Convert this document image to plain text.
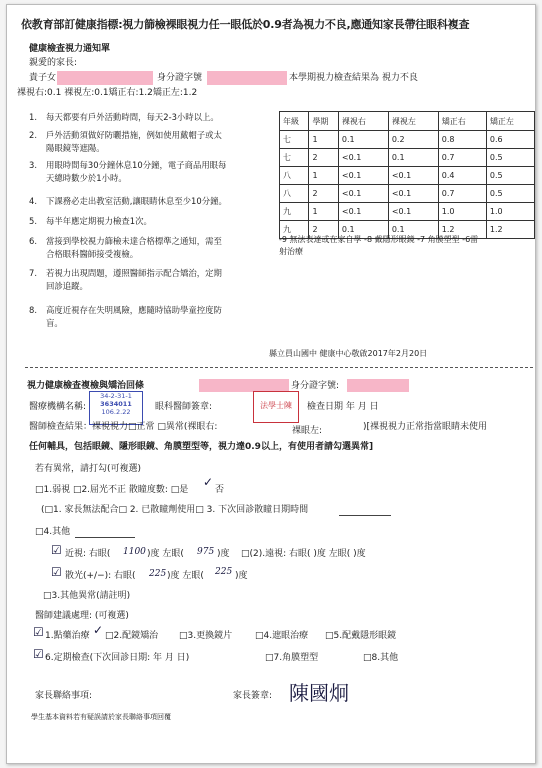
依教育部訂健康指標:視力篩檢裸眼視力任一眼低於0.9者為視力不良,應通知家長帶往眼科複查
健康檢查視力通知單
親愛的家長:
貴子女	身分證字號	本學期視力檢查結果為 視力不良
裸視右:0.1 裸視左:0.1矯正右:1.2矯正左:1.2
1. 每天都要有戶外活動時間，每天2-3小時以上。
2. 戶外活動須做好防曬措施，例如使用戴帽子或太
陽眼鏡等遮陽。
3. 用眼時間每30分鐘休息10分鐘，電子商品用眼每
天總時數少於1小時。
4. 下課務必走出教室活動,讓眼睛休息至少10分鐘。
5. 每半年應定期視力檢查1次。
6. 當接到學校視力篩檢未達合格標準之通知，需至
合格眼科醫師接受複檢。
7. 若視力出現問題，遵照醫師指示配合矯治，定期
回診追蹤。
8. 高度近視存在失明風險，應隨時協助學童控度防
盲。
年級	學期	裸視右	裸視左	矯正右	矯正左
七	1	0.1	0.2	0.8	0.6
七	2	<0.1	0.1	0.7	0.5
八	1	<0.1	<0.1	0.4	0.5
八	2	<0.1	<0.1	0.7	0.5
九	1	<0.1	<0.1	1.0	1.0
九	2	0.1	0.1	1.2	1.2
-9 無法表達或在家自學 -8 戴隱形眼鏡 -7 角膜塑型 -6雷
射治療
縣立員山國中 健康中心敬啟2017年2月20日
視力健康檢查複檢與矯治回條	身分證字號:
醫療機構名稱:
34-2-31-1
3634011
106.2.22	眼科醫師簽章:	法學士陳	檢查日期 年 月 日
醫師檢查結果：裸視視力□正常 □異常(裸眼右:	裸眼左:	)[裸視視力正常指當眼睛未使用
任何輔具，包括眼鏡、隱形眼鏡、角膜塑型等，視力達0.9以上，有使用者請勾選異常]
若有異常，請打勾(可複選)
□1.弱視 □2.屈光不正 散瞳度數: □是	否
✓
(□1. 家長無法配合□ 2. 已散瞳劑使用□ 3. 下次回診散瞳日期時間
□4.其他
☑ 近視: 右眼( 1100 )度 左眼( 975 )度 □(2).遠視: 右眼( )度 左眼( )度
☑ 散光(+/−): 右眼( 225 )度 左眼( 225 )度
□3.其他異常(請註明)
醫師建議處理: (可複選)
☑ 1.點藥治療 ✓ □2.配鏡矯治 □3.更換鏡片	□4.遮眼治療 □5.配戴隱形眼鏡
☑ 6.定期檢查(下次回診日期: 年 月 日)	□7.角膜塑型	□8.其他
家長聯絡事項:	家長簽章: 陳國炯
學生基本資料若有疑誤請於家長聯絡事項回覆
